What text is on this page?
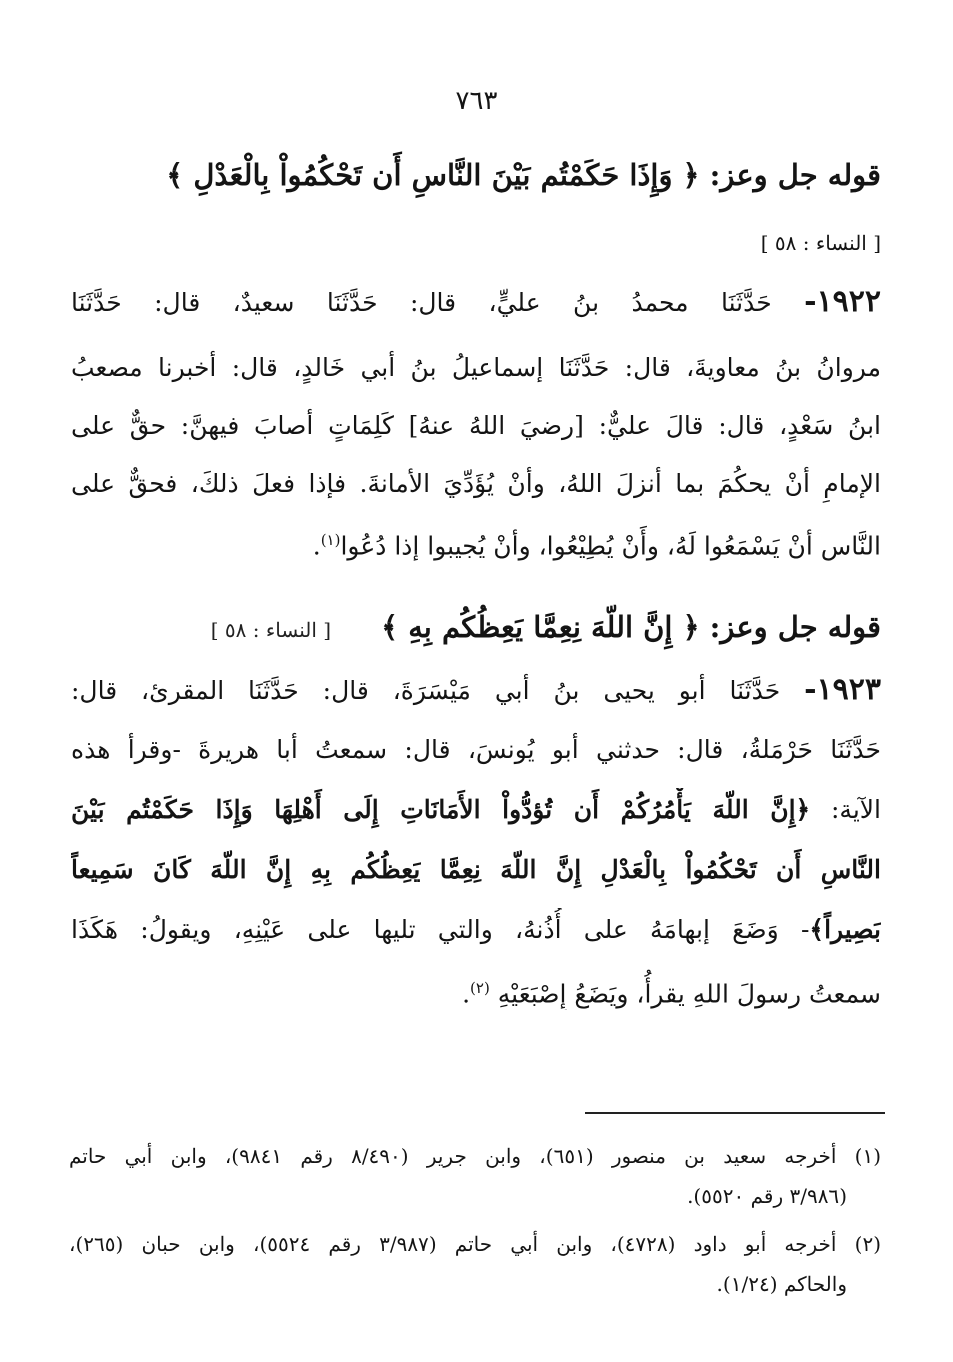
٧٦٣
قوله جل وعز: ﴿ وَإِذَا حَكَمْتُم بَيْنَ النَّاسِ أَن تَحْكُمُواْ بِالْعَدْلِ ﴾
[ النساء : ٥٨ ]
١٩٢٢- حَدَّثَنَا محمدُ بنُ عليٍّ، قال: حَدَّثَنَا سعيدٌ، قال: حَدَّثَنَا
مروانُ بنُ معاويةَ، قال: حَدَّثَنَا إسماعيلُ بنُ أبي خَالدٍ، قال: أخبرنا مصعبُ
ابنُ سَعْدٍ، قال: قالَ عليٌّ: [رضيَ اللهُ عنهُ] كَلِمَاتٍ أصابَ فيهنَّ: حقٌّ على
الإمامِ أنْ يحكُمَ بما أنزلَ اللهُ، وأنْ يُؤَدِّيَ الأمانةَ. فإذا فعلَ ذلكَ، فحقٌّ على
النَّاسِ أنْ يَسْمَعُوا لَهُ، وأَنْ يُطِيْعُوا، وأنْ يُجيبوا إذا دُعُوا$^{(١)}$.
قوله جل وعز: ﴿ إِنَّ اللّهَ نِعِمَّا يَعِظُكُم بِهِ ﴾ [ النساء : ٥٨ ]
١٩٢٣- حَدَّثَنَا أبو يحيى بنُ أبي مَيْسَرَةَ، قال: حَدَّثَنَا المقرئ، قال:
حَدَّثَنَا حَرْمَلةُ، قال: حدثني أبو يُونسَ، قال: سمعتُ أبا هريرةَ -وقرأ هذه
الآية: ﴿إِنَّ اللّهَ يَأْمُرُكُمْ أَن تُؤدُّواْ الأَمَانَاتِ إِلَى أَهْلِهَا وَإِذَا حَكَمْتُم بَيْنَ
النَّاسِ أَن تَحْكُمُواْ بِالْعَدْلِ إِنَّ اللّهَ نِعِمَّا يَعِظُكُم بِهِ إِنَّ اللّهَ كَانَ سَمِيعاً
بَصِيراً﴾- وَضَعَ إبهامَهُ على أُذُنهُ، والتي تليها على عَيْنِهِ، ويقولُ: هَكَذَا
سمعتُ رسولَ اللهِ يقرأُ، ويَضَعُ إِصْبَعَيْهِ $^{(٢)}$.
(١) أخرجه سعيد بن منصور (٦٥١)، وابن جرير (٨/٤٩٠ رقم ٩٨٤١)، وابن أبي حاتم
(٣/٩٨٦ رقم ٥٥٢٠).
(٢) أخرجه أبو داود (٤٧٢٨)، وابن أبي حاتم (٣/٩٨٧ رقم ٥٥٢٤)، وابن حبان (٢٦٥)،
والحاكم (١/٢٤).
